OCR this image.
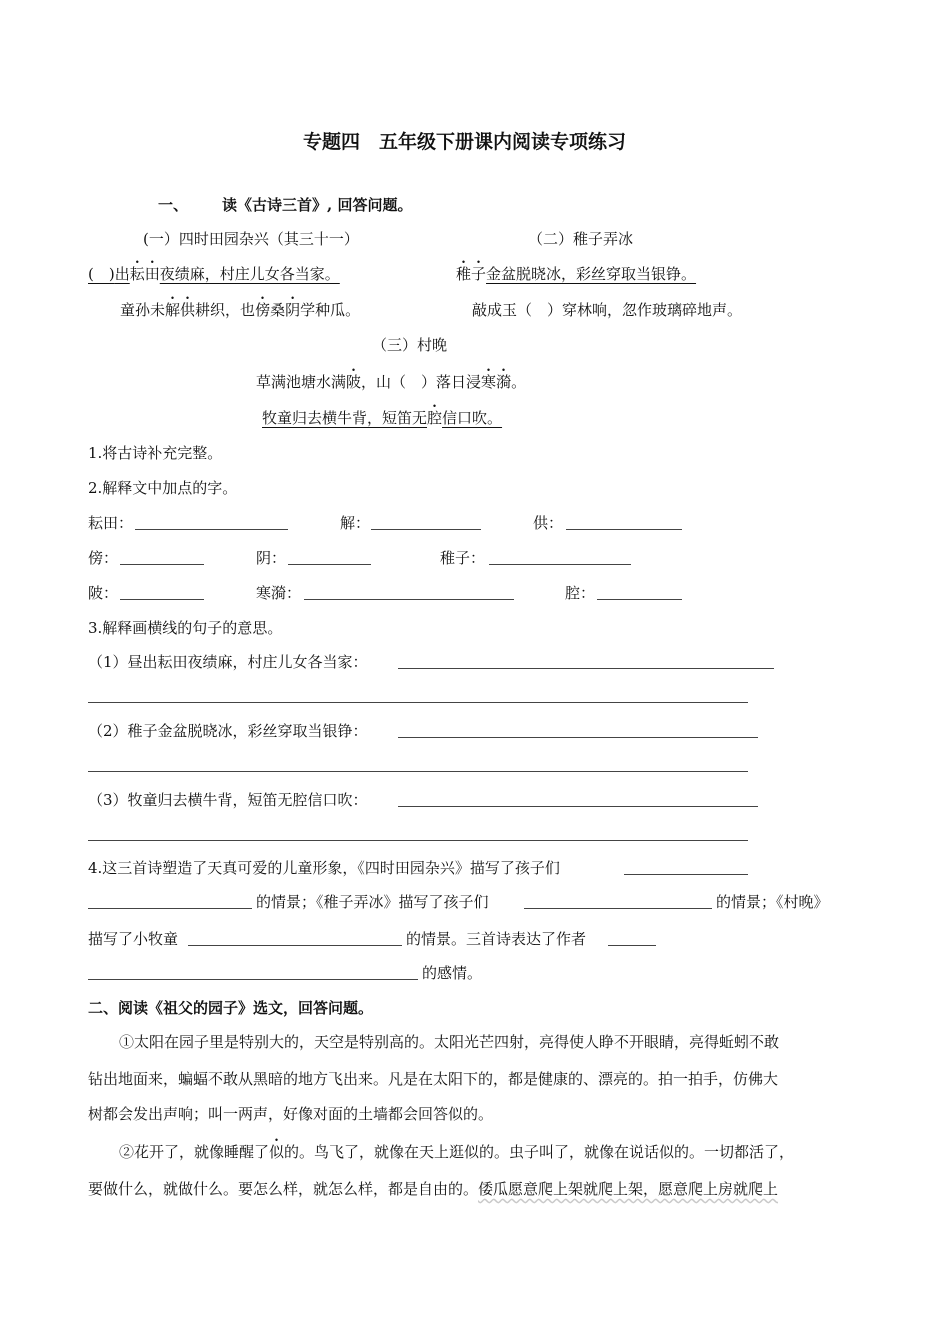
专题四　五年级下册课内阅读专项练习
一、 读《古诗三首》, 回答问题。
(一）四时田园杂兴（其三十一）	（二）稚子弄冰
(　)出耘田夜绩麻，村庄儿女各当家。	稚子金盆脱晓冰，彩丝穿取当银铮。
童孙未解供耕织，也傍桑阴学种瓜。	敲成玉（　）穿林响，忽作玻璃碎地声。
（三）村晚
草满池塘水满陂，山（　）落日浸寒漪。
牧童归去横牛背，短笛无腔信口吹。
1.将古诗补充完整。
2.解释文中加点的字。
耘田：	解：	供：
傍：	阴：	稚子：
陂：	寒漪：	腔：
3.解释画横线的句子的意思。
（1）昼出耘田夜绩麻，村庄儿女各当家：
（2）稚子金盆脱晓冰，彩丝穿取当银铮：
（3）牧童归去横牛背，短笛无腔信口吹：
4.这三首诗塑造了天真可爱的儿童形象，《四时田园杂兴》描写了孩子们
的情景；《稚子弄冰》描写了孩子们	的情景；《村晚》
描写了小牧童	的情景。三首诗表达了作者
的感情。
二、阅读《祖父的园子》选文，回答问题。
①太阳在园子里是特别大的，天空是特别高的。太阳光芒四射，亮得使人睁不开眼睛，亮得蚯蚓不敢
钻出地面来，蝙蝠不敢从黑暗的地方飞出来。凡是在太阳下的，都是健康的、漂亮的。拍一拍手，仿佛大
树都会发出声响；叫一两声，好像对面的土墙都会回答似的。
②花开了，就像睡醒了似的。鸟飞了，就像在天上逛似的。虫子叫了，就像在说话似的。一切都活了，
要做什么，就做什么。要怎么样，就怎么样，都是自由的。倭瓜愿意爬上架就爬上架，愿意爬上房就爬上
